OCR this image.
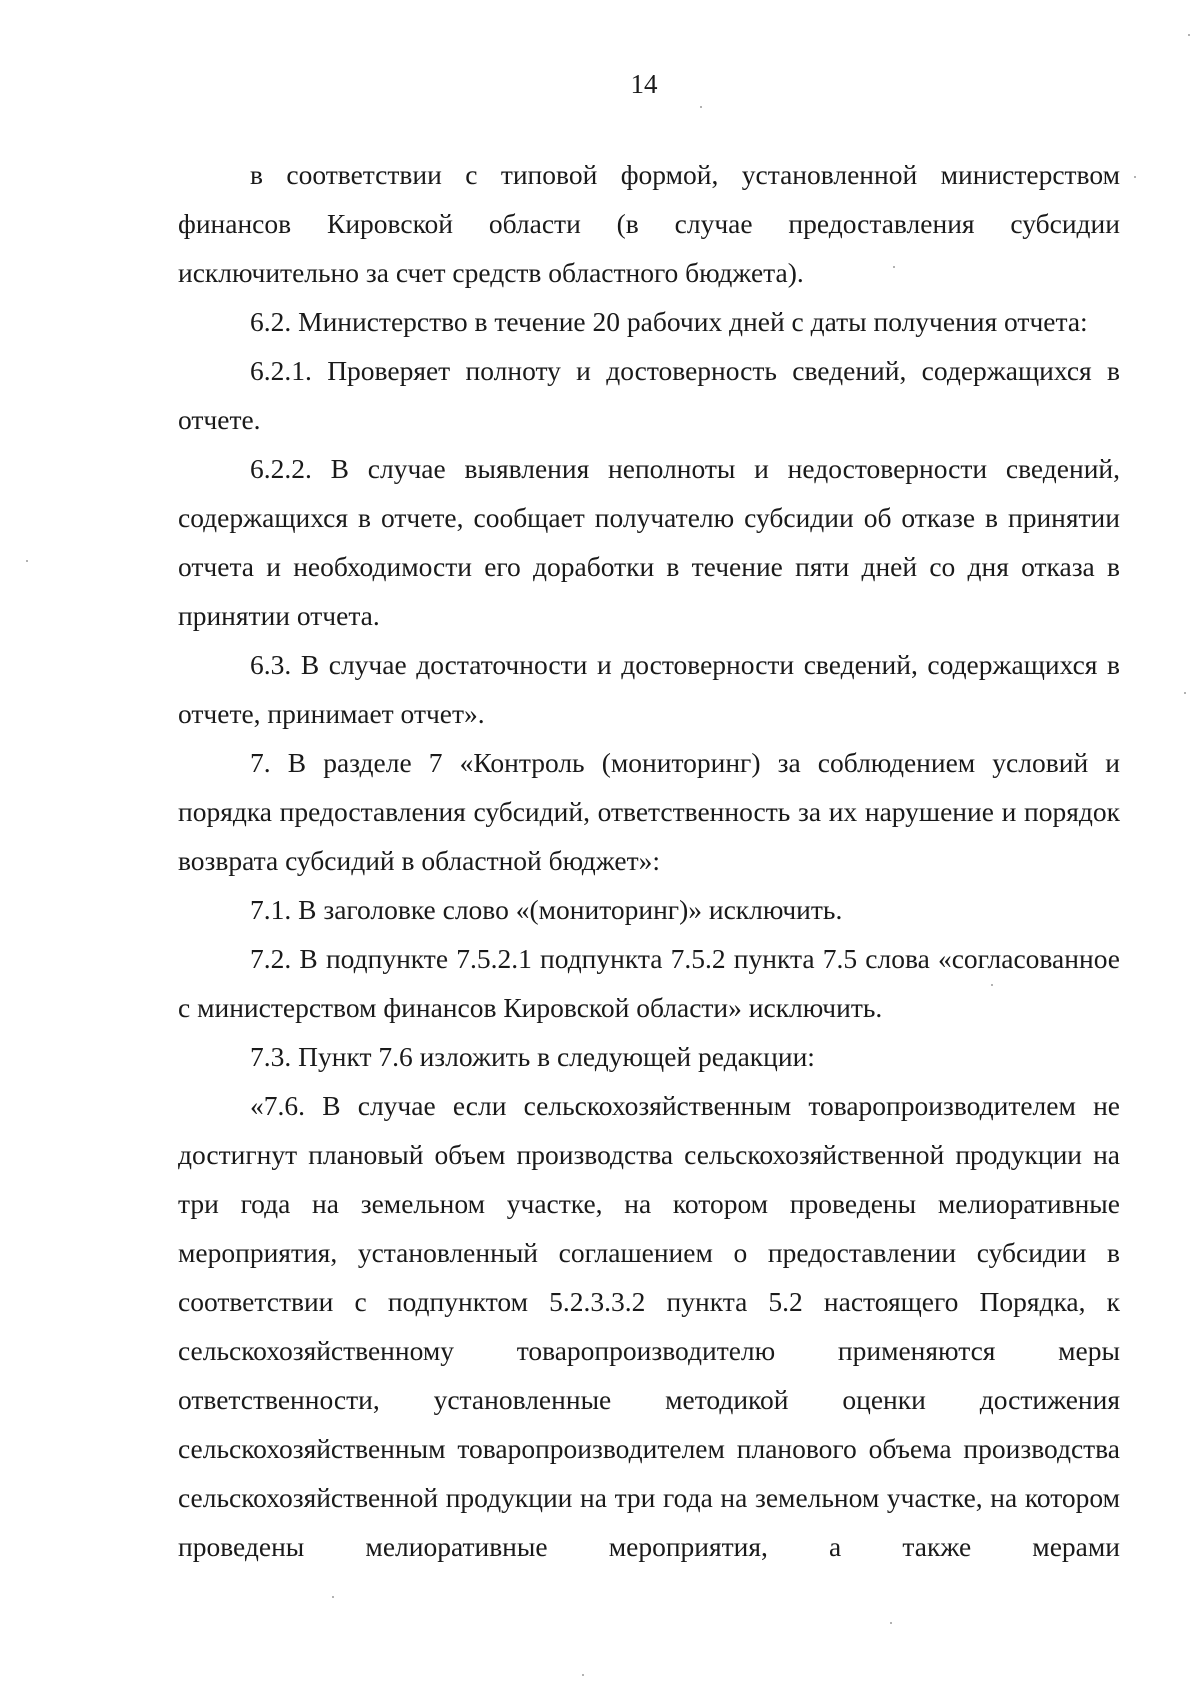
14

в соответствии с типовой формой, установленной министерством финансов Кировской области (в случае предоставления субсидии исключительно за счет средств областного бюджета).

6.2. Министерство в течение 20 рабочих дней с даты получения отчета:

6.2.1. Проверяет полноту и достоверность сведений, содержащихся в отчете.

6.2.2. В случае выявления неполноты и недостоверности сведений, содержащихся в отчете, сообщает получателю субсидии об отказе в принятии отчета и необходимости его доработки в течение пяти дней со дня отказа в принятии отчета.

6.3. В случае достаточности и достоверности сведений, содержащихся в отчете, принимает отчет».

7. В разделе 7 «Контроль (мониторинг) за соблюдением условий и порядка предоставления субсидий, ответственность за их нарушение и порядок возврата субсидий в областной бюджет»:

7.1. В заголовке слово «(мониторинг)» исключить.

7.2. В подпункте 7.5.2.1 подпункта 7.5.2 пункта 7.5 слова «согласованное с министерством финансов Кировской области» исключить.

7.3. Пункт 7.6 изложить в следующей редакции:

«7.6. В случае если сельскохозяйственным товаропроизводителем не достигнут плановый объем производства сельскохозяйственной продукции на три года на земельном участке, на котором проведены мелиоративные мероприятия, установленный соглашением о предоставлении субсидии в соответствии с подпунктом 5.2.3.3.2 пункта 5.2 настоящего Порядка, к сельскохозяйственному товаропроизводителю применяются меры ответственности, установленные методикой оценки достижения сельскохозяйственным товаропроизводителем планового объема производства сельскохозяйственной продукции на три года на земельном участке, на котором проведены мелиоративные мероприятия, а также мерами
